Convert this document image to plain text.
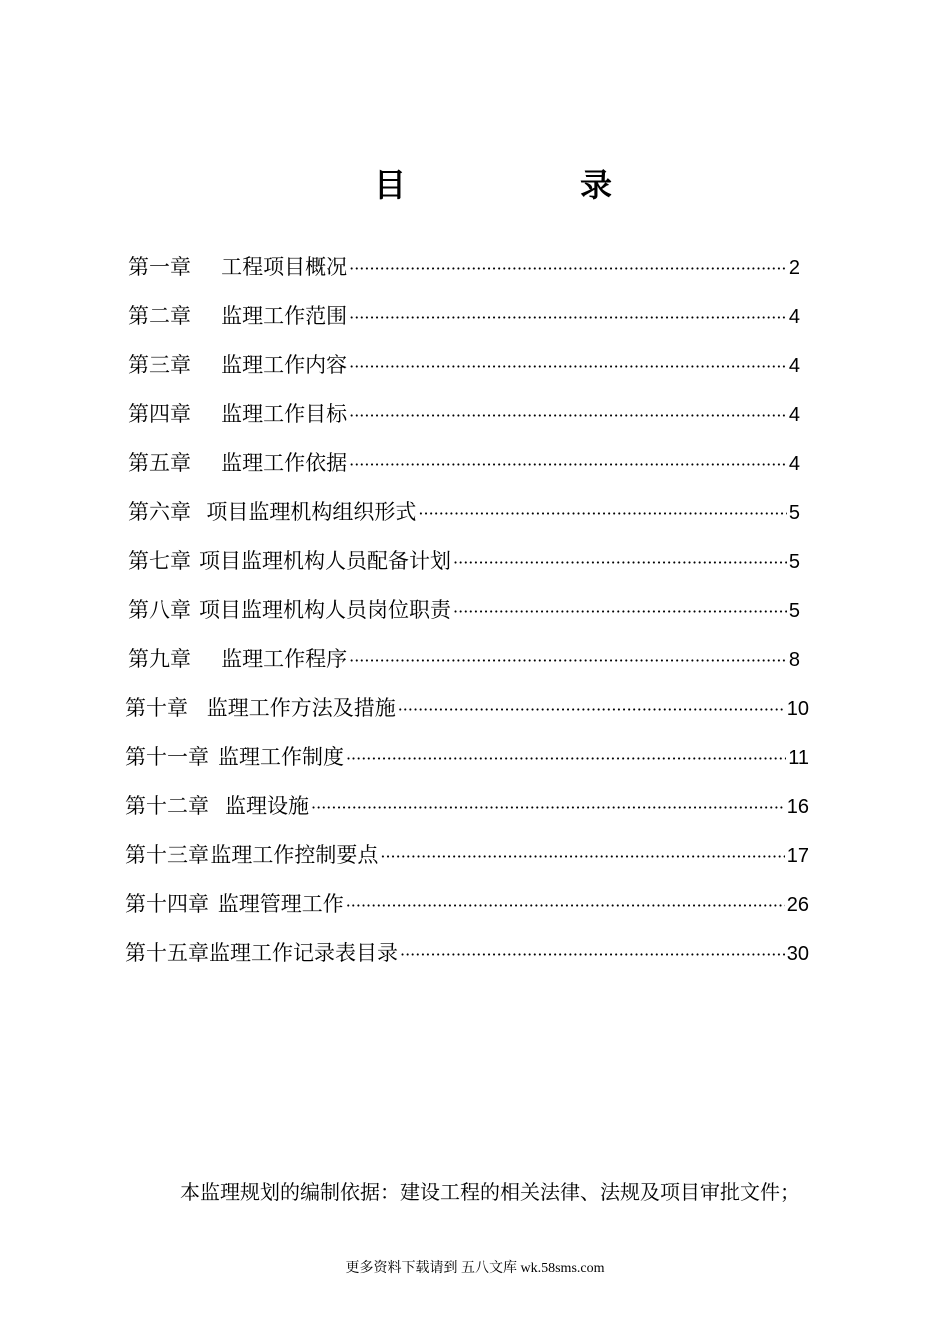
目	录
第一章	工程项目概况 ·····	2
第二章	监理工作范围 ·····	4
第三章	监理工作内容 ·····	4
第四章	监理工作目标 ·····	4
第五章	监理工作依据 ·····	4
第六章 项目监理机构组织形式 ·····	5
第七章 项目监理机构人员配备计划 ·····	5
第八章 项目监理机构人员岗位职责 ·····	5
第九章	监理工作程序 ·····	8
第十章 监理工作方法及措施 ·····	10
第十一章 监理工作制度 ·····	11
第十二章 监理设施 ·····	16
第十三章 监理工作控制要点 ·····	17
第十四章 监理管理工作 ·····	26
第十五章 监理工作记录表目录 ·····	30
本监理规划的编制依据：建设工程的相关法律、法规及项目审批文件；
更多资料下载请到 五八文库 wk.58sms.com
